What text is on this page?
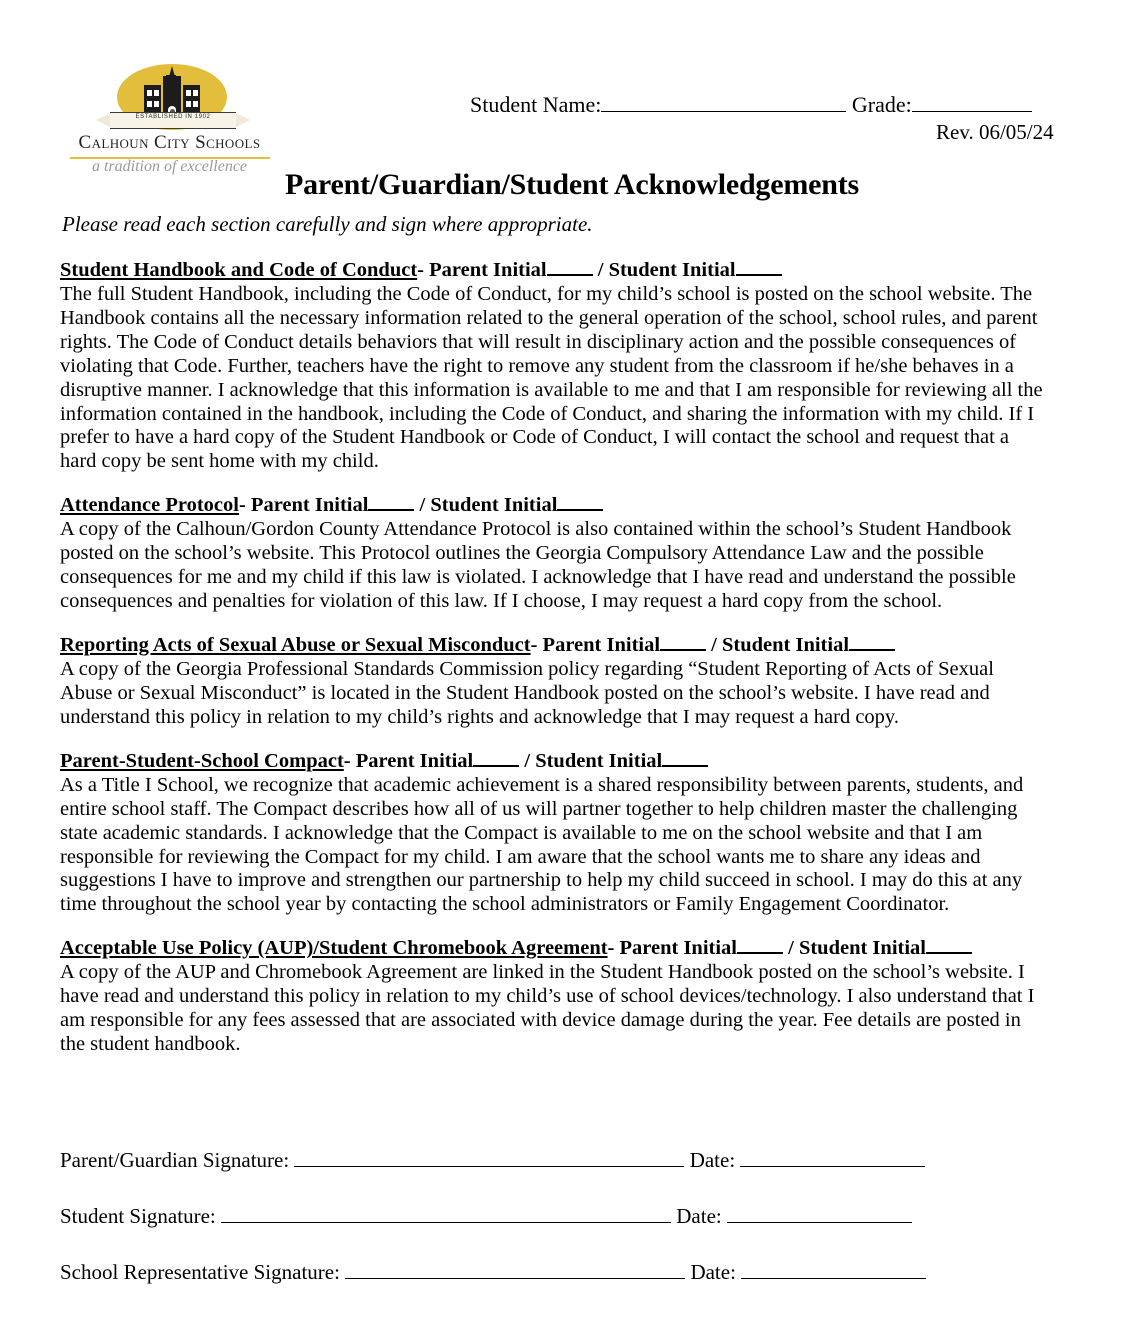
ESTABLISHED IN 1902
Calhoun City Schools
a tradition of excellence
Student Name:	Grade:
Rev. 06/05/24
Parent/Guardian/Student Acknowledgements
Please read each section carefully and sign where appropriate.

Student Handbook and Code of Conduct- Parent Initial / Student Initial

The full Student Handbook, including the Code of Conduct, for my child’s school is posted on the school website. The Handbook contains all the necessary information related to the general operation of the school, school rules, and parent rights. The Code of Conduct details behaviors that will result in disciplinary action and the possible consequences of violating that Code. Further, teachers have the right to remove any student from the classroom if he/she behaves in a disruptive manner. I acknowledge that this information is available to me and that I am responsible for reviewing all the information contained in the handbook, including the Code of Conduct, and sharing the information with my child. If I prefer to have a hard copy of the Student Handbook or Code of Conduct, I will contact the school and request that a hard copy be sent home with my child.

Attendance Protocol- Parent Initial / Student Initial

A copy of the Calhoun/Gordon County Attendance Protocol is also contained within the school’s Student Handbook posted on the school’s website. This Protocol outlines the Georgia Compulsory Attendance Law and the possible consequences for me and my child if this law is violated. I acknowledge that I have read and understand the possible consequences and penalties for violation of this law. If I choose, I may request a hard copy from the school.

Reporting Acts of Sexual Abuse or Sexual Misconduct- Parent Initial / Student Initial

A copy of the Georgia Professional Standards Commission policy regarding “Student Reporting of Acts of Sexual Abuse or Sexual Misconduct” is located in the Student Handbook posted on the school’s website. I have read and understand this policy in relation to my child’s rights and acknowledge that I may request a hard copy.

Parent-Student-School Compact- Parent Initial / Student Initial

As a Title I School, we recognize that academic achievement is a shared responsibility between parents, students, and entire school staff. The Compact describes how all of us will partner together to help children master the challenging state academic standards. I acknowledge that the Compact is available to me on the school website and that I am responsible for reviewing the Compact for my child. I am aware that the school wants me to share any ideas and suggestions I have to improve and strengthen our partnership to help my child succeed in school. I may do this at any time throughout the school year by contacting the school administrators or Family Engagement Coordinator.

Acceptable Use Policy (AUP)/Student Chromebook Agreement- Parent Initial / Student Initial

A copy of the AUP and Chromebook Agreement are linked in the Student Handbook posted on the school’s website. I have read and understand this policy in relation to my child’s use of school devices/technology. I also understand that I am responsible for any fees assessed that are associated with device damage during the year. Fee details are posted in the student handbook.

Parent/Guardian Signature:	Date:
Student Signature:	Date:
School Representative Signature:	Date:
